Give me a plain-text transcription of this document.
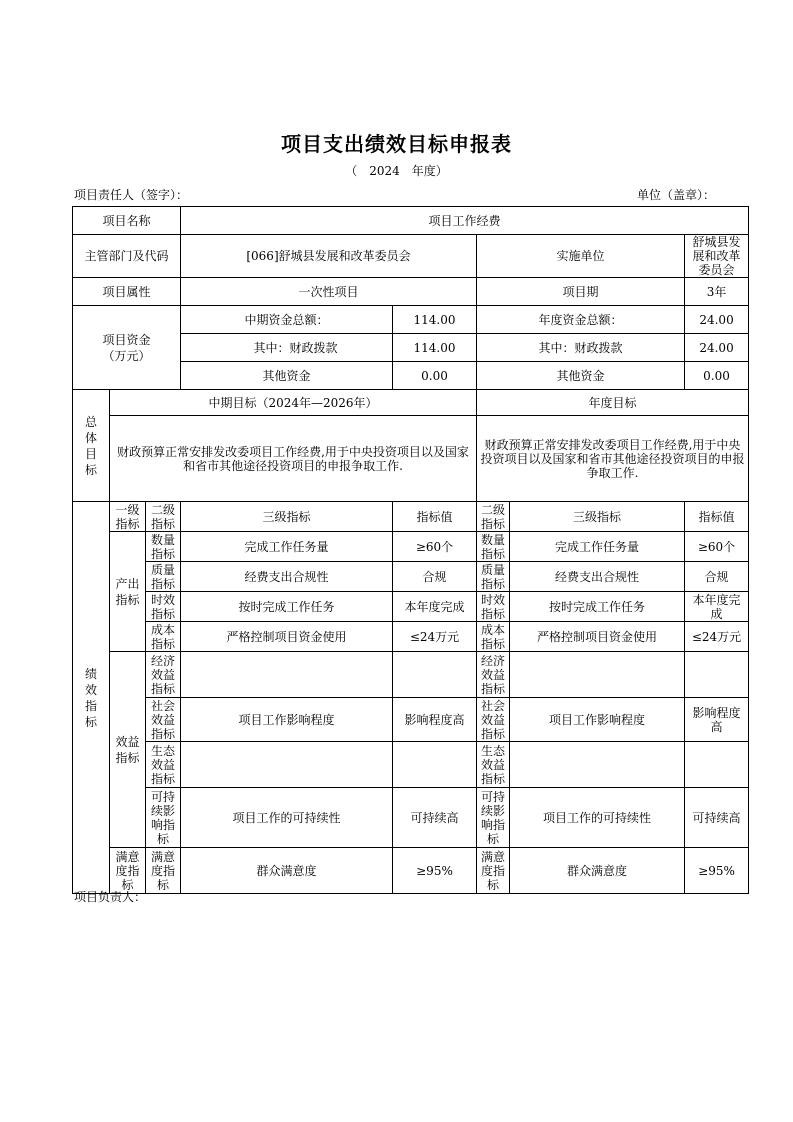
项目支出绩效目标申报表
（　2024　年度）
项目责任人（签字）：	单位（盖章）：
项目名称			项目工作经费				
主管部门及代码			[066]舒城县发展和改革委员会		实施单位		舒城县发展和改革委员会
项目属性			一次性项目		项目期		3年

项目资金（万元）			中期资金总额：	114.00	年度资金总额：		24.00
			其中：财政拨款	114.00	其中：财政拨款		24.00
			其他资金	0.00	其他资金		0.00

总体目标	中期目标（2024年—2026年）				年度目标		
	财政预算正常安排发改委项目工作经费,用于中央投资项目以及国家和省市其他途径投资项目的申报争取工作.				财政预算正常安排发改委项目工作经费,用于中央投资项目以及国家和省市其他途径投资项目的申报争取工作.		

绩效指标	一级指标	二级指标	三级指标	指标值	二级指标	三级指标	指标值

	产出指标	数量指标	完成工作任务量	≥60个	数量指标	完成工作任务量	≥60个
		质量指标	经费支出合规性	合规	质量指标	经费支出合规性	合规
		时效指标	按时完成工作任务	本年度完成	时效指标	按时完成工作任务	本年度完成
		成本指标	严格控制项目资金使用	≤24万元	成本指标	严格控制项目资金使用	≤24万元

	效益指标	经济效益指标			经济效益指标		
		社会效益指标	项目工作影响程度	影响程度高	社会效益指标	项目工作影响程度	影响程度高
		生态效益指标			生态效益指标		
		可持续影响指标	项目工作的可持续性	可持续高	可持续影响指标	项目工作的可持续性	可持续高
	满意度指标	满意度指标	群众满意度	≥95%	满意度指标	群众满意度	≥95%
项目负责人：
